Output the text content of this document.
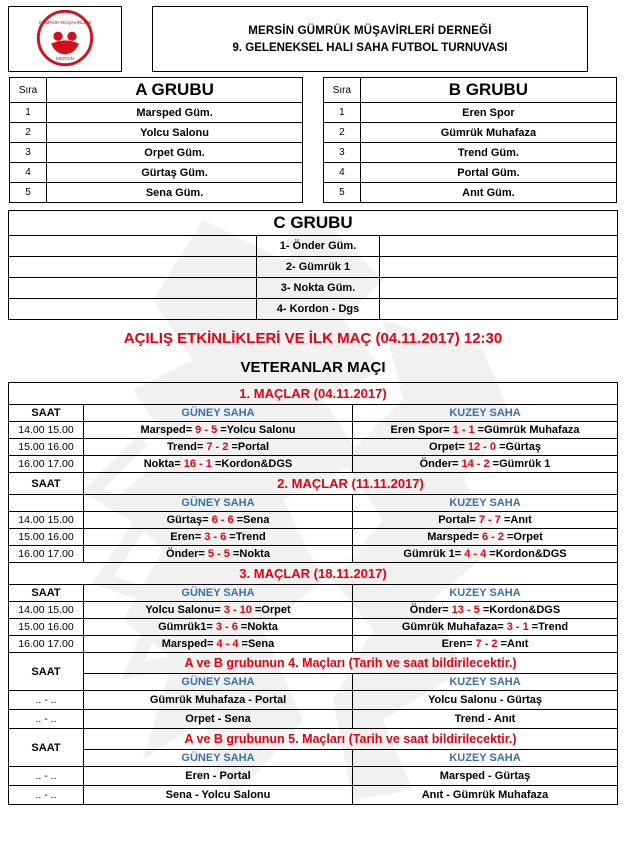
GÜMRÜK MÜŞAVİRLERİ
MERSİN

MERSİN GÜMRÜK MÜŞAVİRLERİ DERNEĞİ
9. GELENEKSEL HALI SAHA FUTBOL TURNUVASI

Sıra	A GRUBU
1	Marsped Güm.
2	Yolcu Salonu
3	Orpet Güm.
4	Gürtaş Güm.
5	Sena Güm.

Sıra	B GRUBU
1	Eren Spor
2	Gümrük Muhafaza
3	Trend Güm.
4	Portal Güm.
5	Anıt Güm.
C GRUBU		
	1- Önder Güm.	
	2- Gümrük 1	
	3- Nokta Güm.	
	4- Kordon - Dgs	
AÇILIŞ ETKİNLİKLERİ VE İLK MAÇ (04.11.2017) 12:30
VETERANLAR MAÇI
1. MAÇLAR (04.11.2017)		
SAAT	GÜNEY SAHA	KUZEY SAHA
14.00 15.00	Marsped= 9 - 5 =Yolcu Salonu	Eren Spor= 1 - 1 =Gümrük Muhafaza
15.00 16.00	Trend= 7 - 2 =Portal	Orpet= 12 - 0 =Gürtaş
16.00 17.00	Nokta= 16 - 1 =Kordon&DGS	Önder= 14 - 2 =Gümrük 1
SAAT	2. MAÇLAR (11.11.2017)	
	GÜNEY SAHA	KUZEY SAHA
14.00 15.00	Gürtaş= 6 - 6 =Sena	Portal= 7 - 7 =Anıt
15.00 16.00	Eren= 3 - 6 =Trend	Marsped= 6 - 2 =Orpet
16.00 17.00	Önder= 5 - 5 =Nokta	Gümrük 1= 4 - 4 =Kordon&DGS
3. MAÇLAR (18.11.2017)		
SAAT	GÜNEY SAHA	KUZEY SAHA
14.00 15.00	Yolcu Salonu= 3 - 10 =Orpet	Önder= 13 - 5 =Kordon&DGS
15.00 16.00	Gümrük1= 3 - 6 =Nokta	Gümrük Muhafaza= 3 - 1 =Trend
16.00 17.00	Marsped= 4 - 4 =Sena	Eren= 7 - 2 =Anıt
SAAT	A ve B grubunun 4. Maçları (Tarih ve saat bildirilecektir.)	
	GÜNEY SAHA	KUZEY SAHA
.. - ..	Gümrük Muhafaza - Portal	Yolcu Salonu - Gürtaş
.. - ..	Orpet - Sena	Trend - Anıt
SAAT	A ve B grubunun 5. Maçları (Tarih ve saat bildirilecektir.)	
	GÜNEY SAHA	KUZEY SAHA
.. - ..	Eren - Portal	Marsped - Gürtaş
.. - ..	Sena - Yolcu Salonu	Anıt - Gümrük Muhafaza
